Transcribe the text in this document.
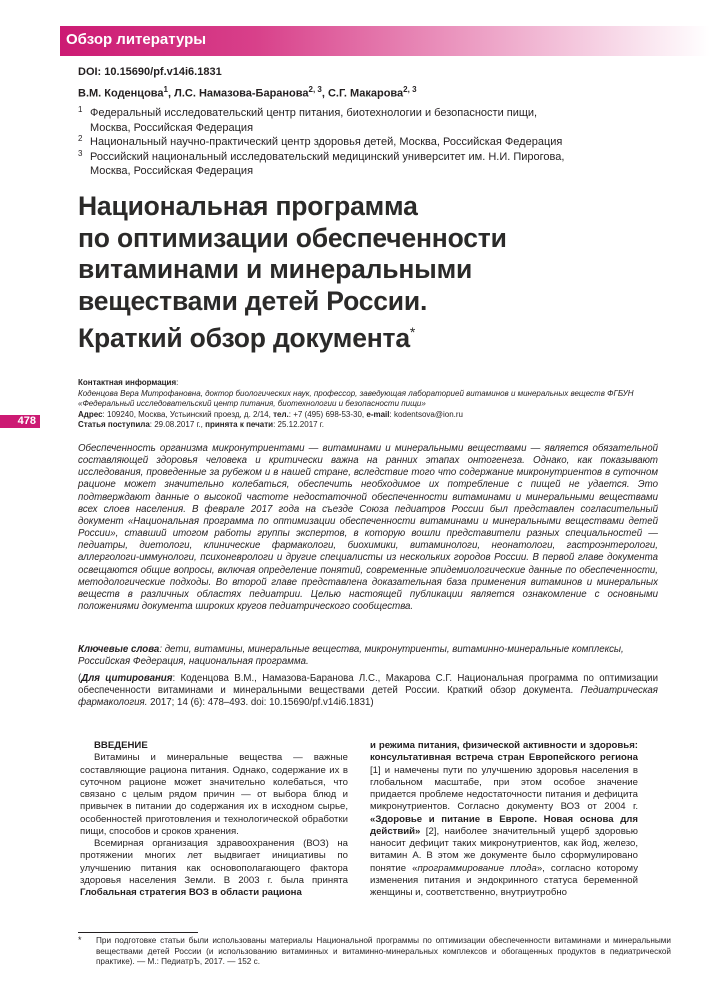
Обзор литературы
DOI: 10.15690/pf.v14i6.1831
В.М. Коденцова$^1$, Л.С. Намазова-Баранова$^{2, 3}$, С.Г. Макарова$^{2, 3}$
1 Федеральный исследовательский центр питания, биотехнологии и безопасности пищи,
Москва, Российская Федерация
2 Национальный научно-практический центр здоровья детей, Москва, Российская Федерация
3 Российский национальный исследовательский медицинский университет им. Н.И. Пирогова,
Москва, Российская Федерация
Национальная программа
по оптимизации обеспеченности
витаминами и минеральными
веществами детей России.
Краткий обзор документа*
Контактная информация:
Коденцова Вера Митрофановна, доктор биологических наук, профессор, заведующая лабораторией витаминов и минеральных веществ ФГБУН «Федеральный исследовательский центр питания, биотехнологии и безопасности пищи»
Адрес: 109240, Москва, Устьинский проезд, д. 2/14, тел.: +7 (495) 698-53-30, e-mail: kodentsova@ion.ru
Статья поступила: 29.08.2017 г., принята к печати: 25.12.2017 г.
478
Обеспеченность организма микронутриентами — витаминами и минеральными веществами — является обязательной составляющей здоровья человека и критически важна на ранних этапах онтогенеза. Однако, как показывают исследования, проведенные за рубежом и в нашей стране, вследствие того что содержание микронутриентов в суточном рационе может значительно колебаться, обеспечить необходимое их потребление с пищей не удается. Это подтверждают данные о высокой частоте недостаточной обеспеченности витаминами и минеральными веществами всех слоев населения. В феврале 2017 года на съезде Союза педиатров России был представлен согласительный документ «Национальная программа по оптимизации обеспеченности витаминами и минеральными веществами детей России», ставший итогом работы группы экспертов, в которую вошли представители разных специальностей — педиатры, диетологи, клинические фармакологи, биохимики, витаминологи, неонатологи, гастроэнтерологи, аллергологи-иммунологи, психоневрологи и другие специалисты из нескольких городов России. В первой главе документа освещаются общие вопросы, включая определение понятий, современные эпидемиологические данные по обеспеченности, методологические подходы. Во второй главе представлена доказательная база применения витаминов и минеральных веществ в различных областях педиатрии. Целью настоящей публикации является ознакомление с основными положениями документа широких кругов педиатрического сообщества.
Ключевые слова: дети, витамины, минеральные вещества, микронутриенты, витаминно-минеральные комплексы, Российская Федерация, национальная программа.
(Для цитирования: Коденцова В.М., Намазова-Баранова Л.С., Макарова С.Г. Национальная программа по оптимизации обеспеченности витаминами и минеральными веществами детей России. Краткий обзор документа. Педиатрическая фармакология. 2017; 14 (6): 478–493. doi: 10.15690/pf.v14i6.1831)

ВВЕДЕНИЕ

Витамины и минеральные вещества — важные составляющие рациона питания. Однако, содержание их в суточном рационе может значительно колебаться, что связано с целым рядом причин — от выбора блюд и привычек в питании до содержания их в исходном сырье, особенностей приготовления и технологической обработки пищи, способов и сроков хранения.

Всемирная организация здравоохранения (ВОЗ) на протяжении многих лет выдвигает инициативы по улучшению питания как основополагающего фактора здоровья населения Земли. В 2003 г. была принята Глобальная стратегия ВОЗ в области рациона

и режима питания, физической активности и здоровья: консультативная встреча стран Европейского региона [1] и намечены пути по улучшению здоровья населения в глобальном масштабе, при этом особое значение придается проблеме недостаточности питания и дефицита микронутриентов. Согласно документу ВОЗ от 2004 г. «Здоровье и питание в Европе. Новая основа для действий» [2], наиболее значительный ущерб здоровью наносит дефицит таких микронутриентов, как йод, железо, витамин А. В этом же документе было сформулировано понятие «программирование плода», согласно которому изменения питания и эндокринного статуса беременной женщины и, соответственно, внутриутробно

* При подготовке статьи были использованы материалы Национальной программы по оптимизации обеспеченности витаминами и минеральными веществами детей России (и использованию витаминных и витаминно-минеральных комплексов и обогащенных продуктов в педиатрической практике). — М.: ПедиатрЪ, 2017. — 152 с.
